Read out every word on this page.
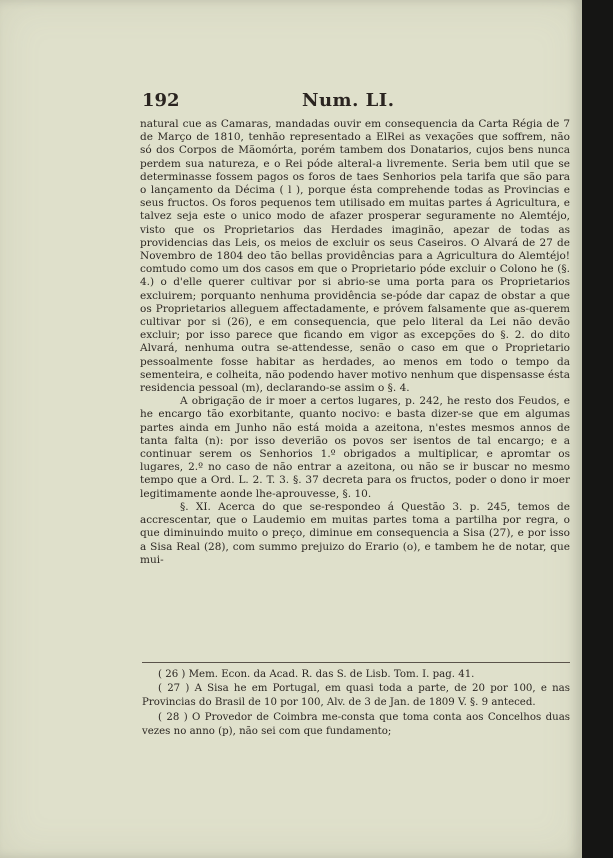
192	Num. LI.

natural cue as Camaras, mandadas ouvir em consequencia da Carta Régia de 7 de Março de 1810, tenhão representado a ElRei as vexações que soffrem, não só dos Corpos de Mãomórta, porém tambem dos Donatarios, cujos bens nunca perdem sua natureza, e o Rei póde alteral-a livremente. Seria bem util que se determinasse fossem pagos os foros de taes Senhorios pela tarifa que são para o lançamento da Décima ( l ), porque ésta comprehende todas as Provincias e seus fructos. Os foros pequenos tem utilisado em muitas partes á Agricultura, e talvez seja este o unico modo de afazer prosperar seguramente no Alemtéjo, visto que os Proprietarios das Herdades imaginão, apezar de todas as providencias das Leis, os meios de excluir os seus Caseiros. O Alvará de 27 de Novembro de 1804 deo tão bellas providências para a Agricultura do Alemtéjo! comtudo como um dos casos em que o Proprietario póde excluir o Colono he (§. 4.) o d'elle querer cultivar por si abrio-se uma porta para os Proprietarios excluirem; porquanto nenhuma providência se-póde dar capaz de obstar a que os Proprietarios alleguem affectadamente, e próvem falsamente que as-querem cultivar por si (26), e em consequencia, que pelo literal da Lei não devão excluir; por isso parece que ficando em vigor as excepções do §. 2. do dito Alvará, nenhuma outra se-attendesse, senão o caso em que o Proprietario pessoalmente fosse habitar as herdades, ao menos em todo o tempo da sementeira, e colheita, não podendo haver motivo nenhum que dispensasse ésta residencia pessoal (m), declarando-se assim o §. 4.

A obrigação de ir moer a certos lugares, p. 242, he resto dos Feudos, e he encargo tão exorbitante, quanto nocivo: e basta dizer-se que em algumas partes ainda em Junho não está moida a azeitona, n'estes mesmos annos de tanta falta (n): por isso deverião os povos ser isentos de tal encargo; e a continuar serem os Senhorios 1.º obrigados a multiplicar, e apromtar os lugares, 2.º no caso de não entrar a azeitona, ou não se ir buscar no mesmo tempo que a Ord. L. 2. T. 3. §. 37 decreta para os fructos, poder o dono ir moer legitimamente aonde lhe-aprouvesse, §. 10.

§. XI. Acerca do que se-respondeo á Questão 3. p. 245, temos de accrescentar, que o Laudemio em muitas partes toma a partilha por regra, o que diminuindo muito o preço, diminue em consequencia a Sisa (27), e por isso a Sisa Real (28), com summo prejuizo do Erario (o), e tambem he de notar, que mui-

( 26 ) Mem. Econ. da Acad. R. das S. de Lisb. Tom. I. pag. 41.

( 27 ) A Sisa he em Portugal, em quasi toda a parte, de 20 por 100, e nas Provincias do Brasil de 10 por 100, Alv. de 3 de Jan. de 1809 V. §. 9 anteced.

( 28 ) O Provedor de Coimbra me-consta que toma conta aos Concelhos duas vezes no anno (p), não sei com que fundamento;
